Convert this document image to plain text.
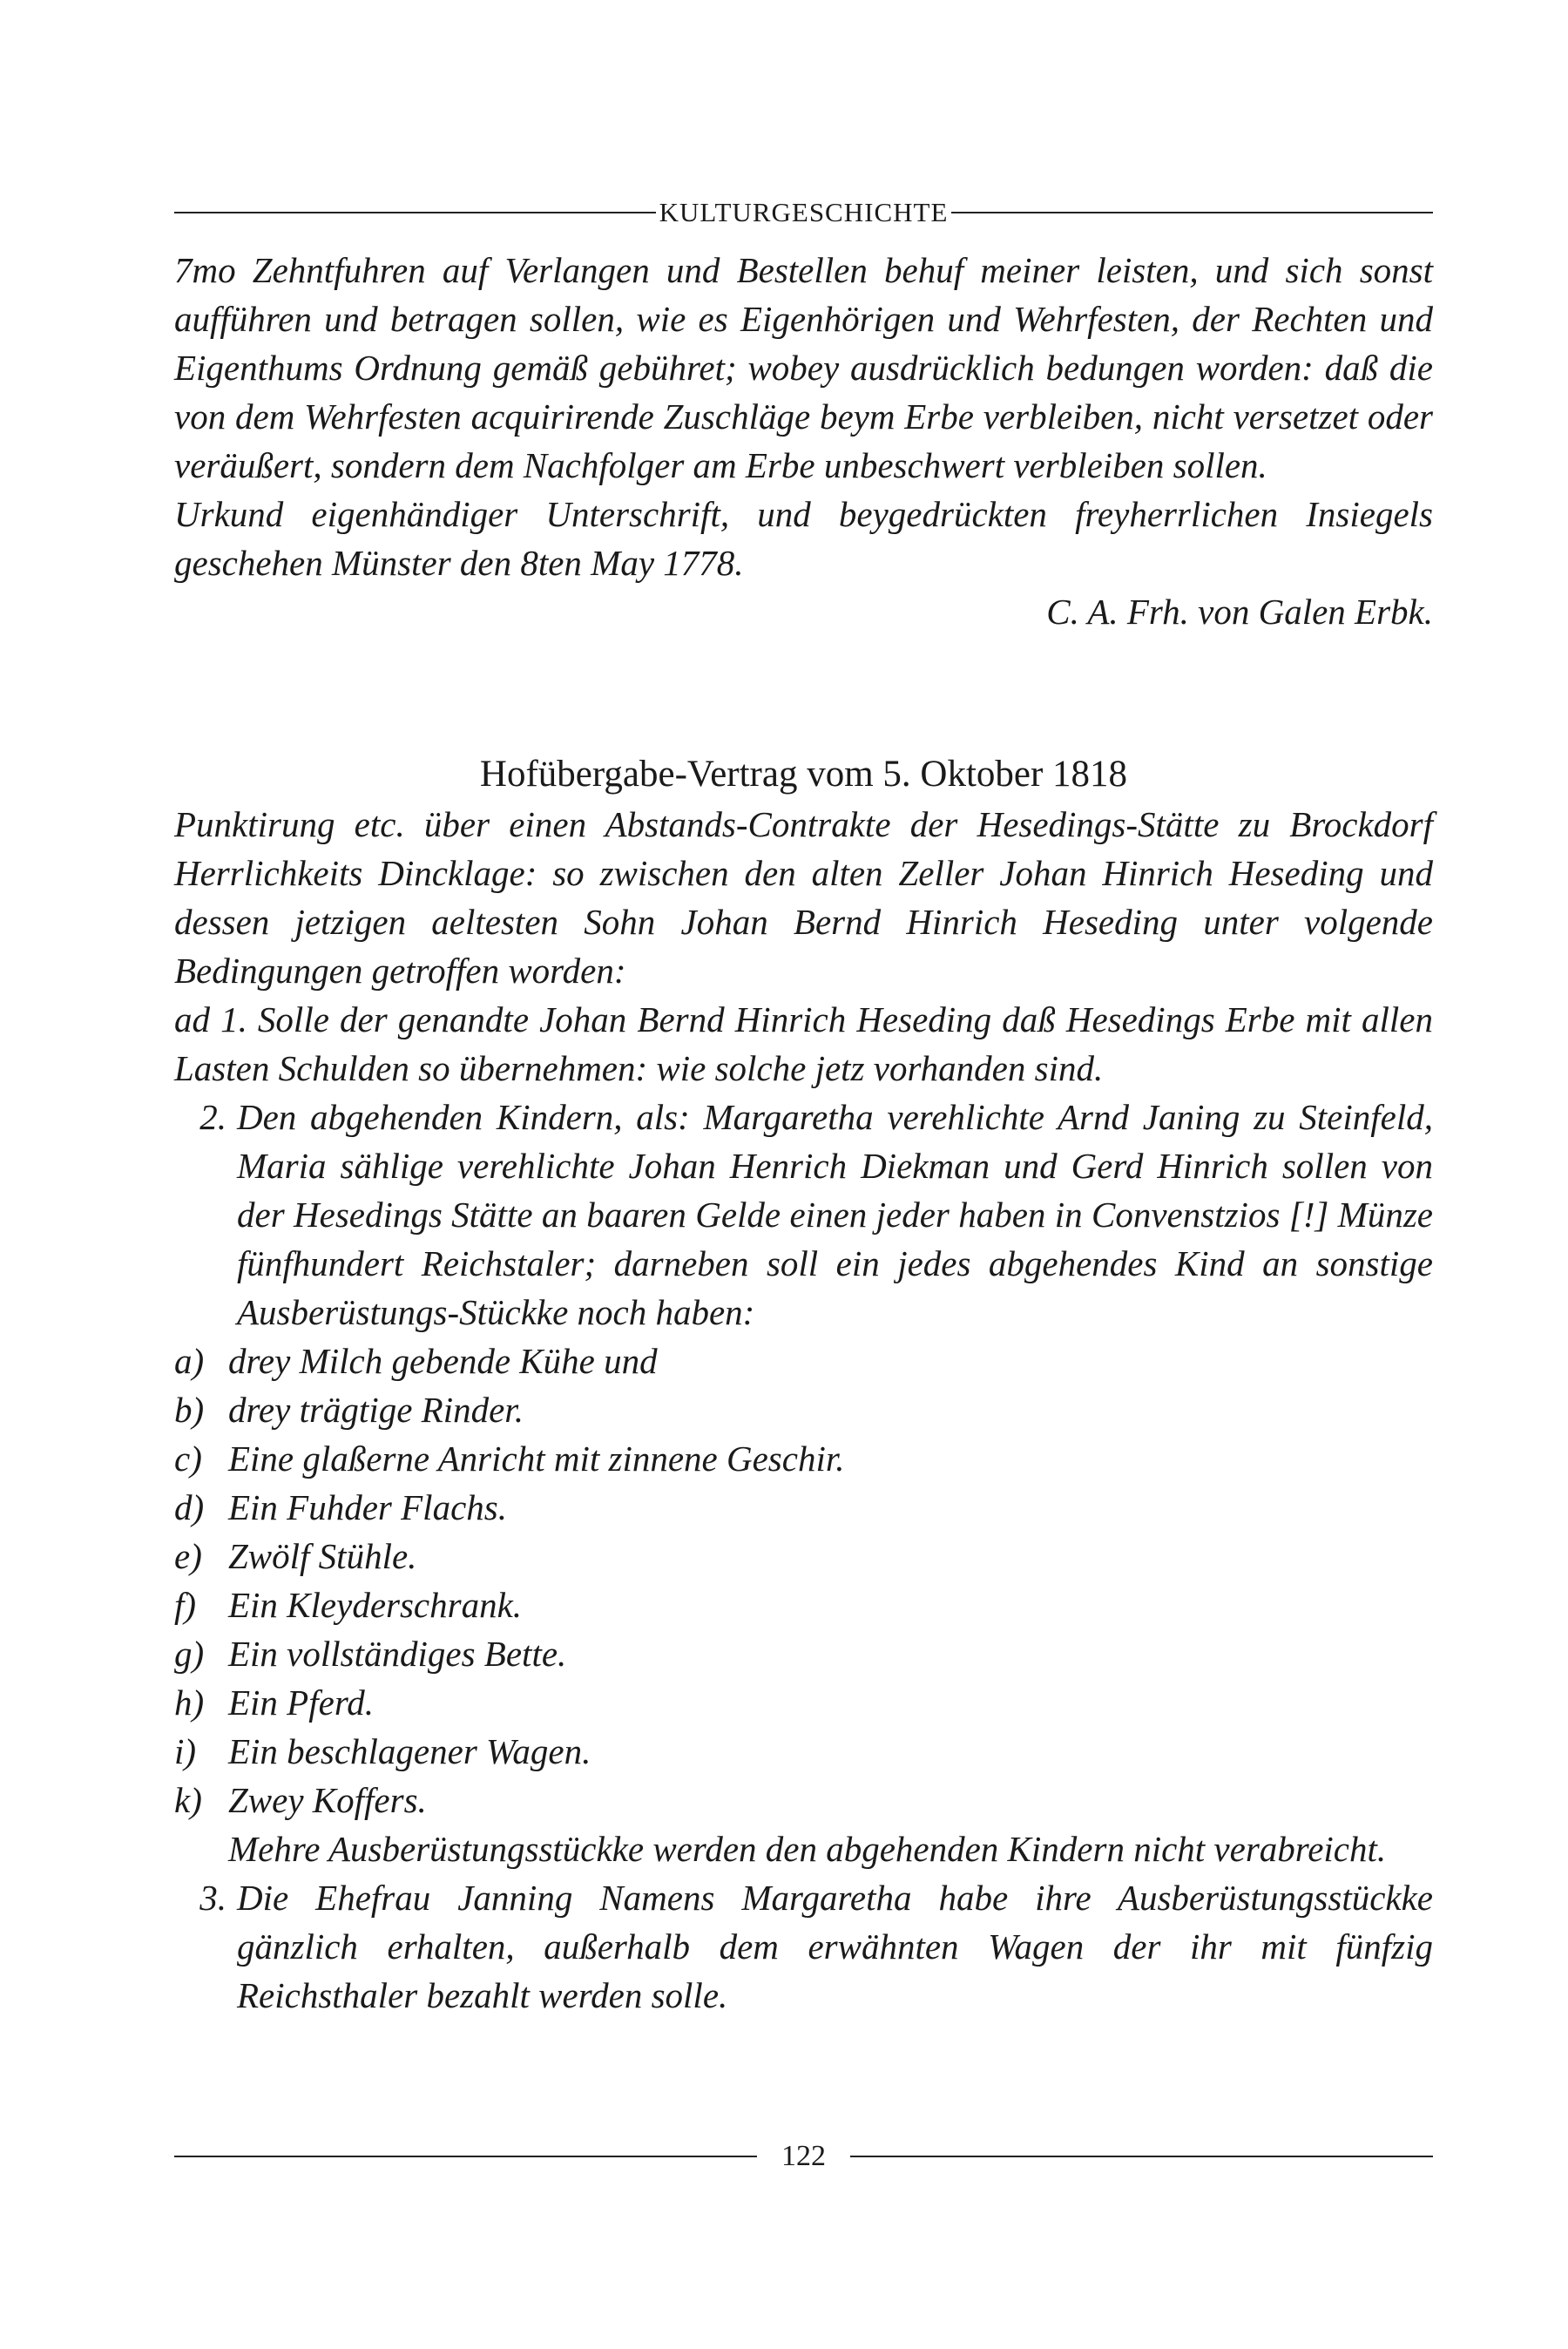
KULTURGESCHICHTE

7mo Zehntfuhren auf Verlangen und Bestellen behuf meiner leisten, und sich sonst aufführen und betragen sollen, wie es Eigenhörigen und Wehrfesten, der Rechten und Eigenthums Ordnung gemäß gebühret; wobey ausdrücklich bedungen worden: daß die von dem Wehrfesten acquirirende Zuschläge beym Erbe verbleiben, nicht versetzet oder veräußert, sondern dem Nachfolger am Erbe unbeschwert verbleiben sollen.

Urkund eigenhändiger Unterschrift, und beygedrückten freyherrlichen Insiegels geschehen Münster den 8ten May 1778.

C. A. Frh. von Galen Erbk.

Hofübergabe-Vertrag vom 5. Oktober 1818

Punktirung etc. über einen Abstands-Contrakte der Hesedings-Stätte zu Brockdorf Herrlichkeits Dincklage: so zwischen den alten Zeller Johan Hinrich Heseding und dessen jetzigen aeltesten Sohn Johan Bernd Hinrich Heseding unter volgende Bedingungen getroffen worden:

ad 1. Solle der genandte Johan Bernd Hinrich Heseding daß Hesedings Erbe mit allen Lasten Schulden so übernehmen: wie solche jetz vorhanden sind.

2. Den abgehenden Kindern, als: Margaretha verehlichte Arnd Janing zu Steinfeld, Maria sählige verehlichte Johan Henrich Diekman und Gerd Hinrich sollen von der Hesedings Stätte an baaren Gelde einen jeder haben in Convenstzios [!] Münze fünfhundert Reichstaler; darneben soll ein jedes abgehendes Kind an sonstige Ausberüstungs-Stückke noch haben:
a) drey Milch gebende Kühe und
b) drey trägtige Rinder.
c) Eine glaßerne Anricht mit zinnene Geschir.
d) Ein Fuhder Flachs.
e) Zwölf Stühle.
f) Ein Kleyderschrank.
g) Ein vollständiges Bette.
h) Ein Pferd.
i) Ein beschlagener Wagen.
k) Zwey Koffers.

Mehre Ausberüstungsstückke werden den abgehenden Kindern nicht verabreicht.

3. Die Ehefrau Janning Namens Margaretha habe ihre Ausberüstungsstückke gänzlich erhalten, außerhalb dem erwähnten Wagen der ihr mit fünfzig Reichsthaler bezahlt werden solle.
122
